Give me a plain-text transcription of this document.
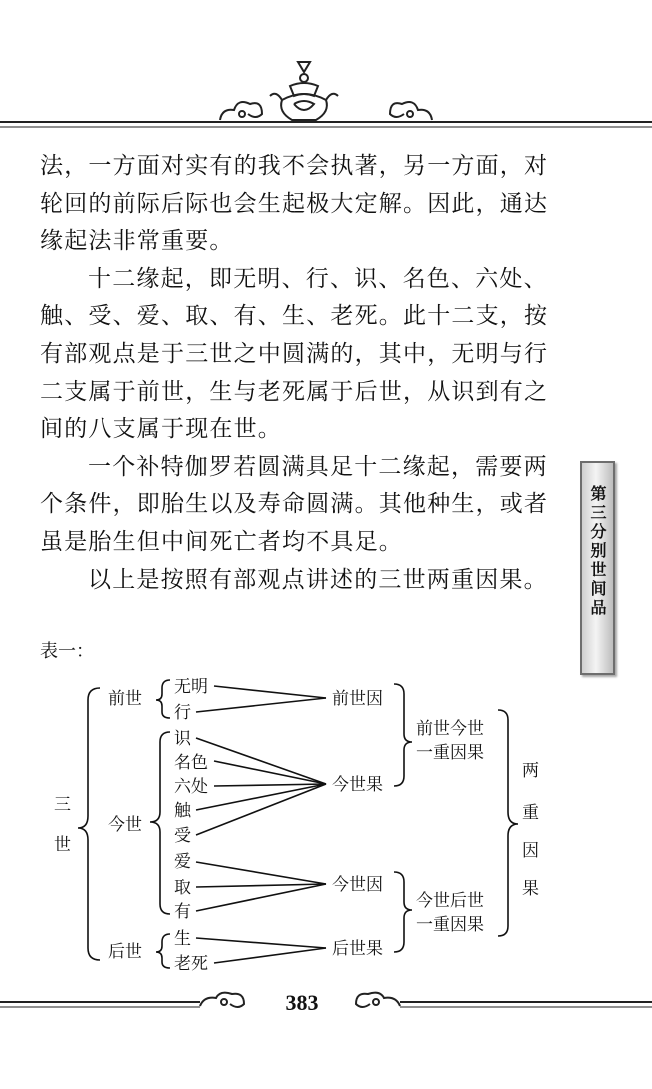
法，一方面对实有的我不会执著，另一方面，对轮回的前际后际也会生起极大定解。因此，通达缘起法非常重要。

十二缘起，即无明、行、识、名色、六处、触、受、爱、取、有、生、老死。此十二支，按有部观点是于三世之中圆满的，其中，无明与行二支属于前世，生与老死属于后世，从识到有之间的八支属于现在世。

一个补特伽罗若圆满具足十二缘起，需要两个条件，即胎生以及寿命圆满。其他种生，或者虽是胎生但中间死亡者均不具足。

以上是按照有部观点讲述的三世两重因果。	第三分别世间品
表一：
三
世
前世
今世
后世
无明
行
识
名色
六处
触
受
爱
取
有
生
老死
前世因
今世果
今世因
后世果
前世今世
一重因果
今世后世
一重因果
两
重
因
果
383
